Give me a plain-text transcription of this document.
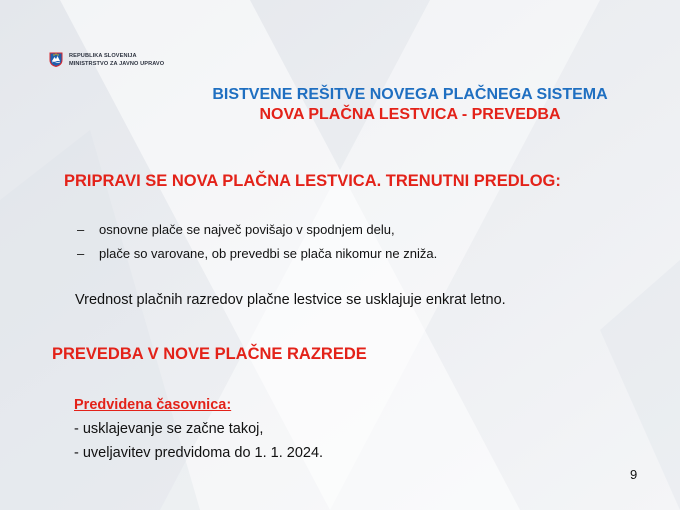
REPUBLIKA SLOVENIJA
MINISTRSTVO ZA JAVNO UPRAVO
BISTVENE REŠITVE NOVEGA PLAČNEGA SISTEMA
NOVA PLAČNA LESTVICA - PREVEDBA
PRIPRAVI SE NOVA PLAČNA LESTVICA. TRENUTNI PREDLOG:
–	osnovne plače se največ povišajo v spodnjem delu,
–	plače so varovane, ob prevedbi se plača nikomur ne zniža.
Vrednost plačnih razredov plačne lestvice se usklajuje enkrat letno.
PREVEDBA V NOVE PLAČNE RAZREDE
Predvidena časovnica:
- usklajevanje se začne takoj,
- uveljavitev predvidoma do 1. 1. 2024.
9
